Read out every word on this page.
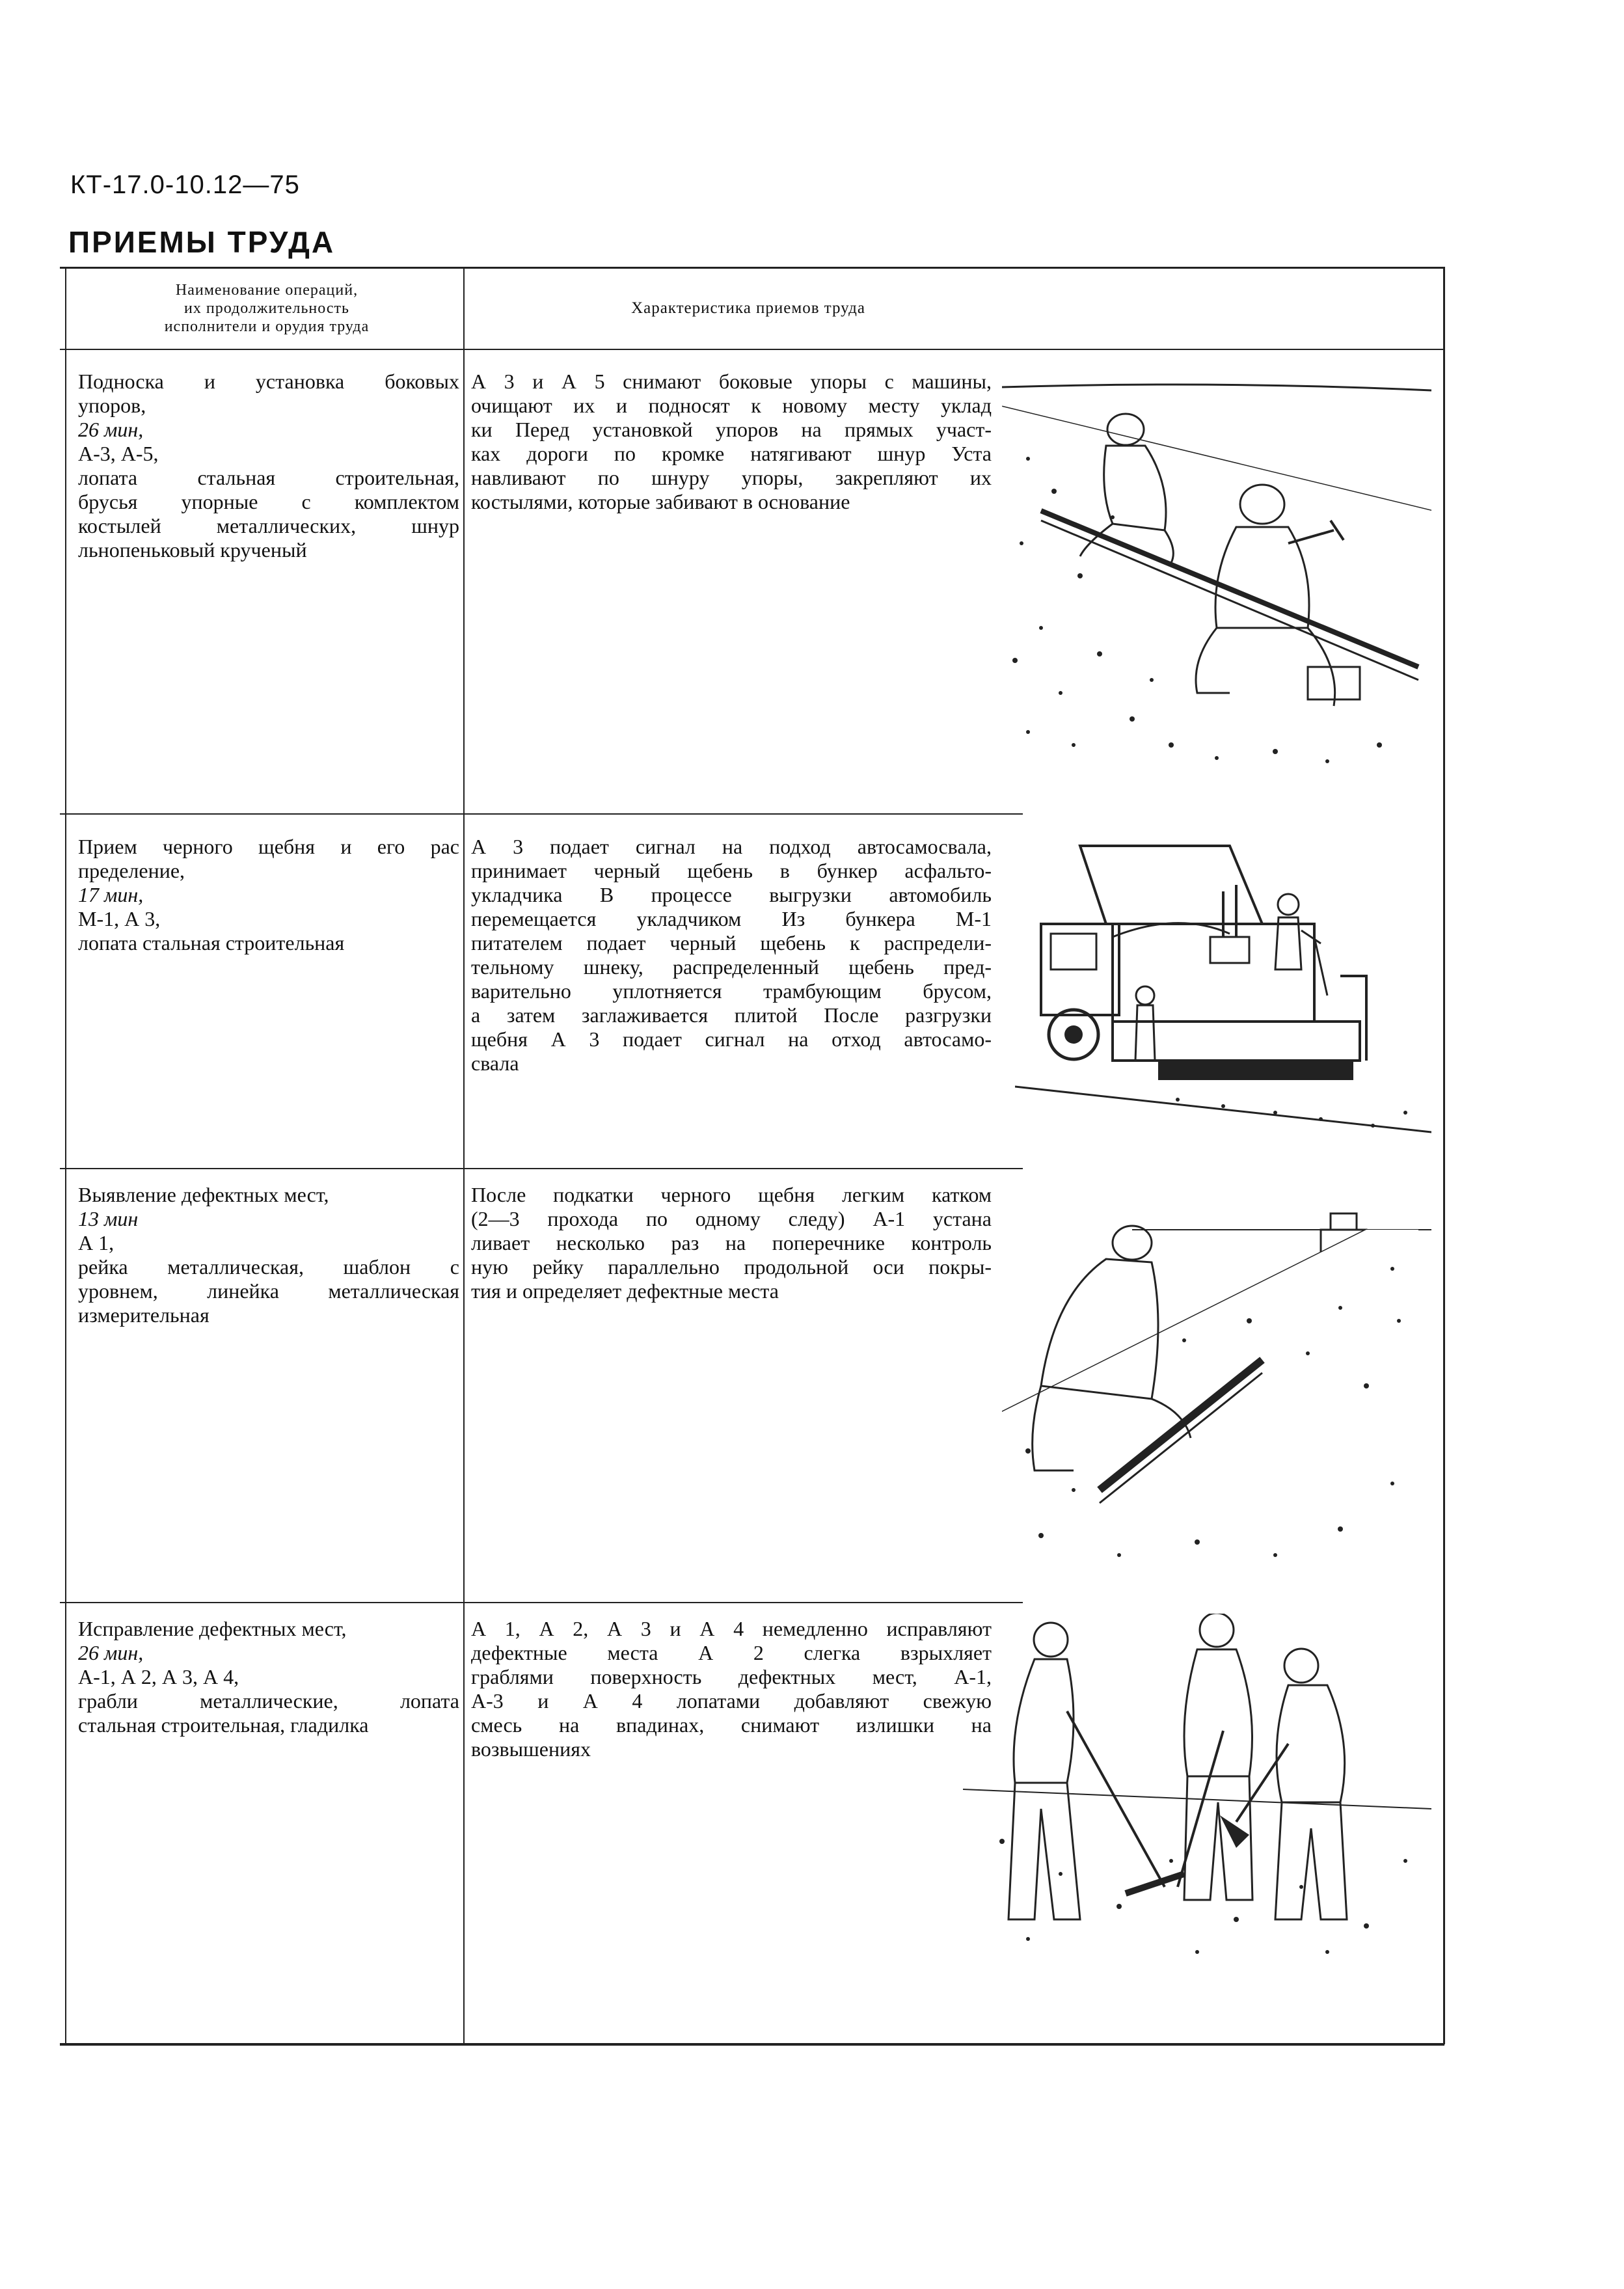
КТ-17.0-10.12—75
ПРИЕМЫ ТРУДА
Наименование операций,
их продолжительность
исполнители и орудия труда
Характеристика приемов труда
Подноска и установка боковых
упоров,
26 мин,
А-3, А-5,
лопата стальная строительная,
брусья упорные с комплектом
костылей металлических, шнур
льнопеньковый крученый
А 3 и А 5 снимают боковые упоры с машины,
очищают их и подносят к новому месту уклад
ки Перед установкой упоров на прямых участ-
ках дороги по кромке натягивают шнур Уста
навливают по шнуру упоры, закрепляют их
костылями, которые забивают в основание
Прием черного щебня и его рас
пределение,
17 мин,
М-1, А 3,
лопата стальная строительная
А 3 подает сигнал на подход автосамосвала,
принимает черный щебень в бункер асфальто-
укладчика В процессе выгрузки автомобиль
перемещается укладчиком Из бункера М-1
питателем подает черный щебень к распредели-
тельному шнеку, распределенный щебень пред-
варительно уплотняется трамбующим брусом,
а затем заглаживается плитой После разгрузки
щебня А 3 подает сигнал на отход автосамо-
свала
Выявление дефектных мест,
13 мин
А 1,
рейка металлическая, шаблон с
уровнем, линейка металлическая
измерительная
После подкатки черного щебня легким катком
(2—3 прохода по одному следу) А-1 устана
ливает несколько раз на поперечнике контроль
ную рейку параллельно продольной оси покры-
тия и определяет дефектные места
Исправление дефектных мест,
26 мин,
А-1, А 2, А 3, А 4,
грабли металлические, лопата
стальная строительная, гладилка
А 1, А 2, А 3 и А 4 немедленно исправляют
дефектные места А 2 слегка взрыхляет
граблями поверхность дефектных мест, А-1,
А-3 и А 4 лопатами добавляют свежую
смесь на впадинах, снимают излишки на
возвышениях
